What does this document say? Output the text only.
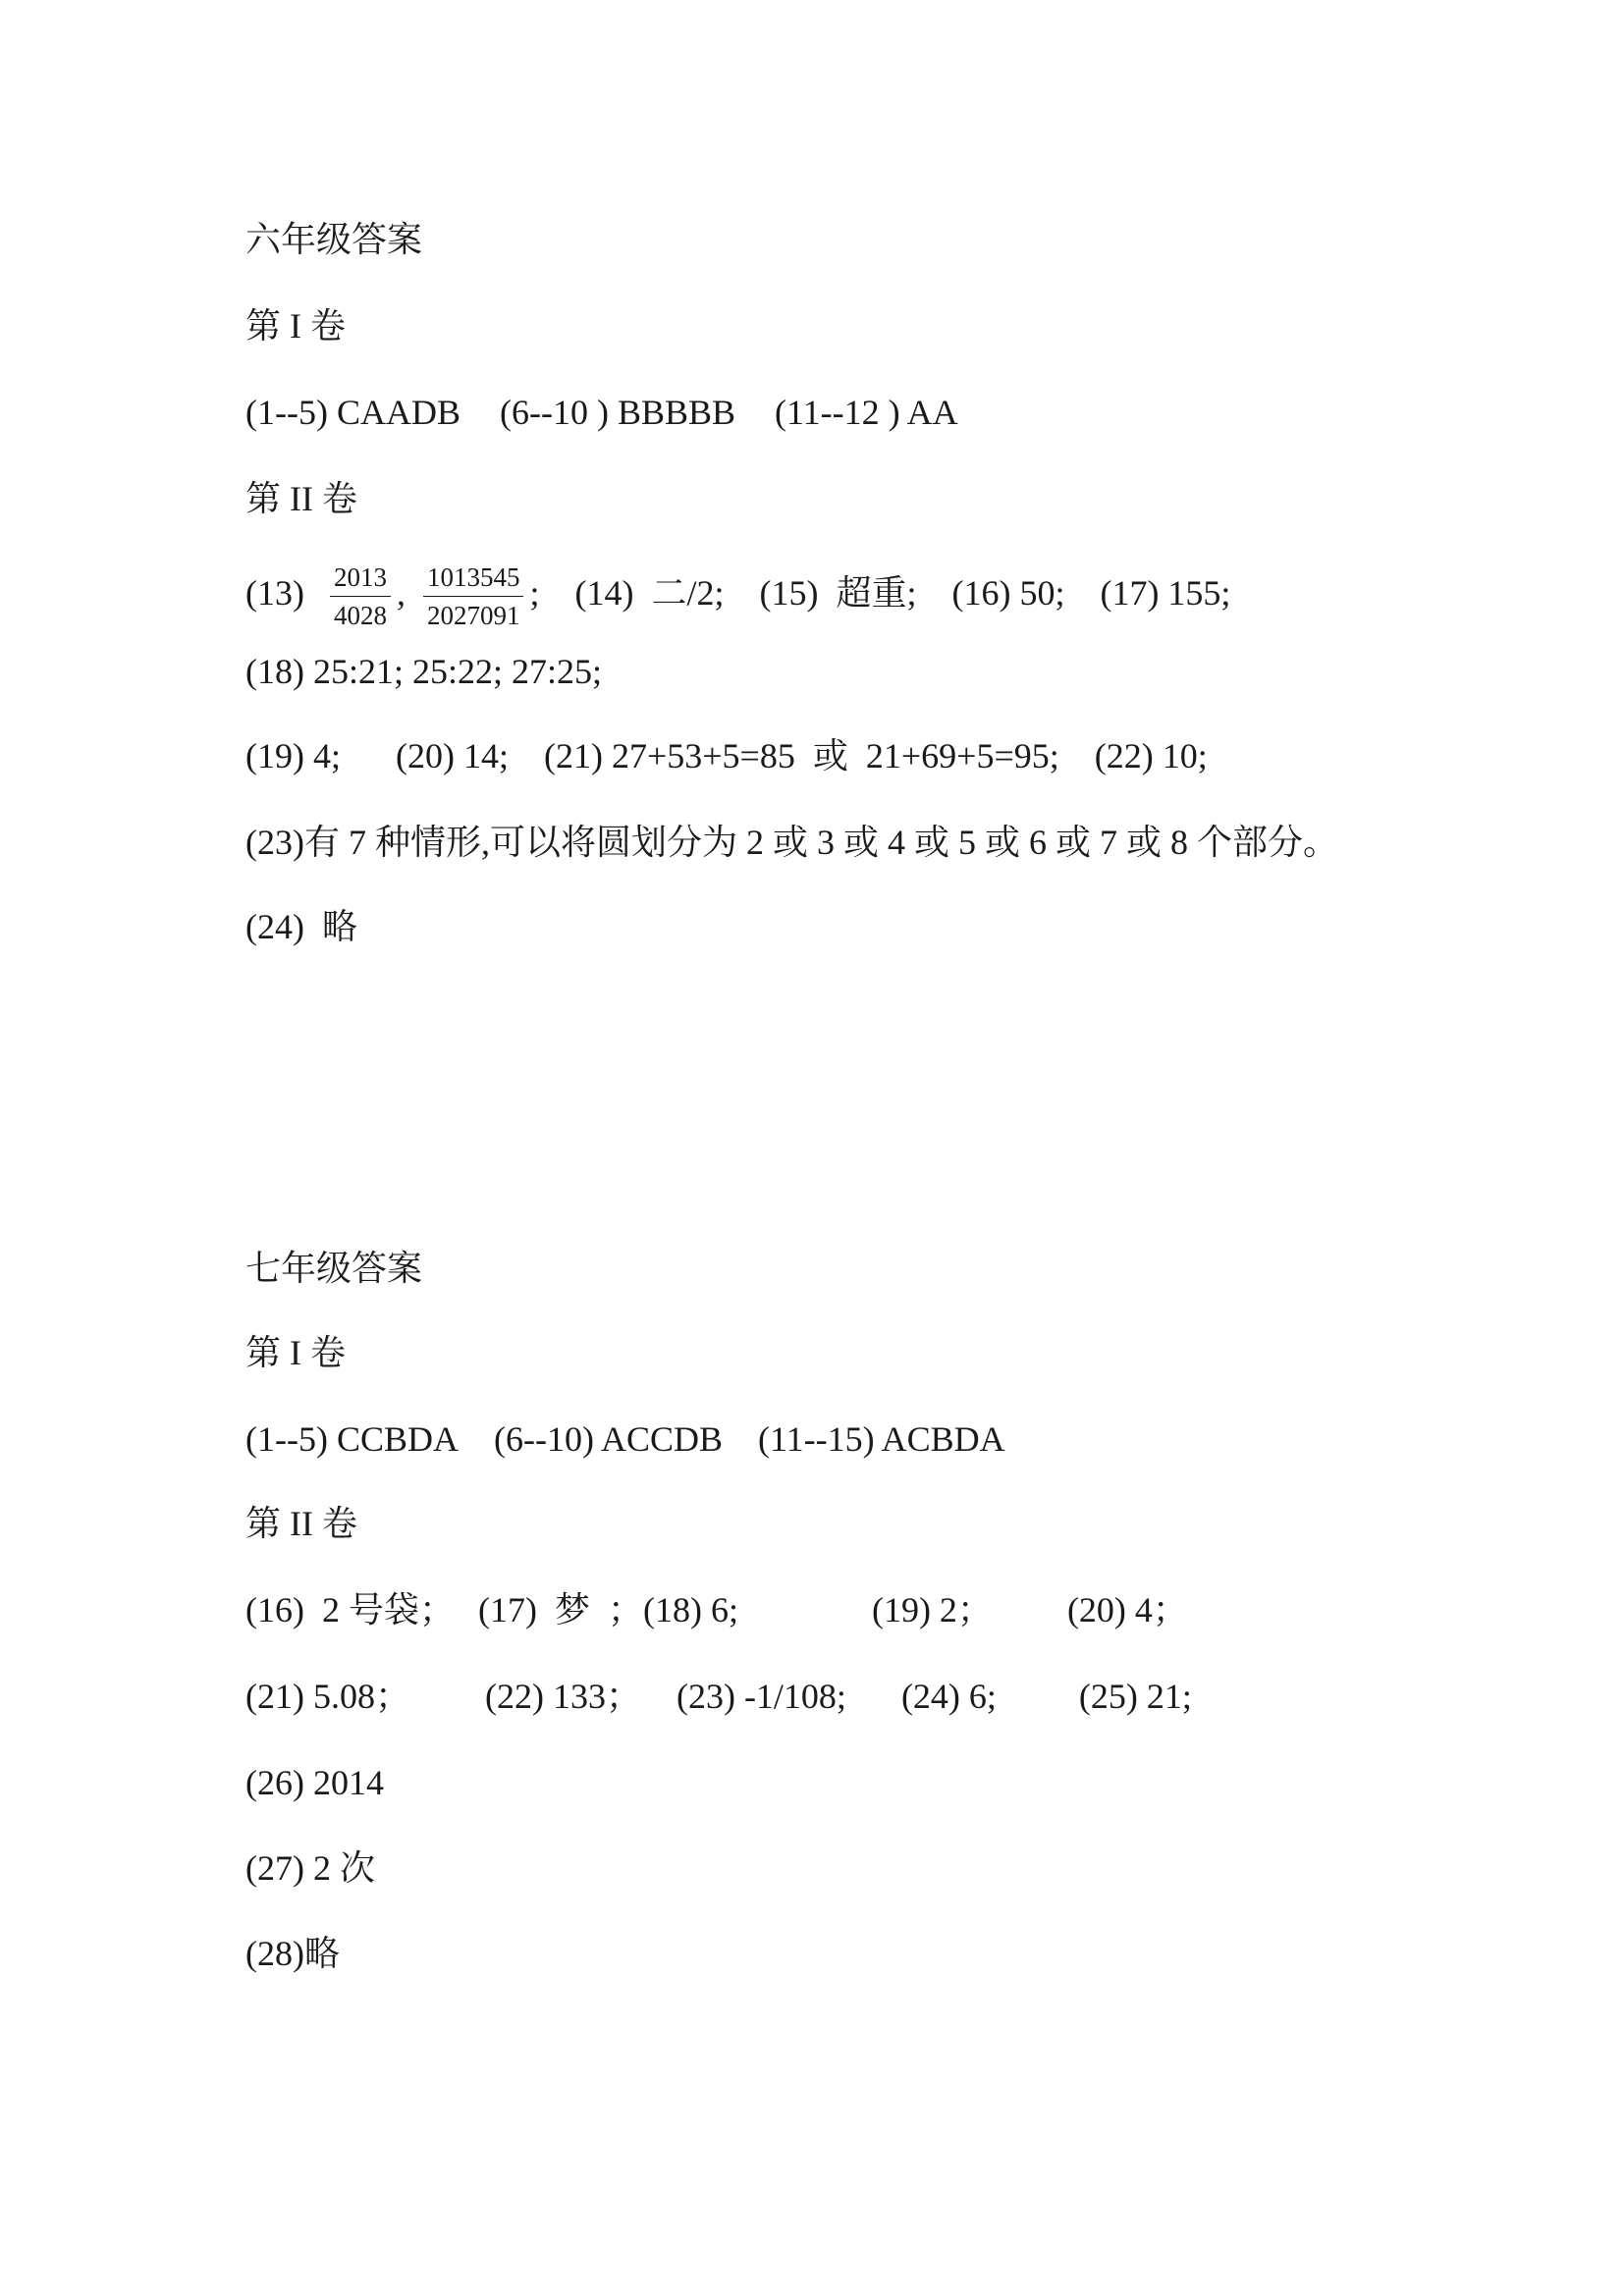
六年级答案
第 I 卷
(1--5) CAADB (6--10 ) BBBBB (11--12 ) AA
第 II 卷
$(13) \frac{2013}{4028}$ , $\frac{1013545}{2027091}$ ; (14)  二/2; (15)  超重; (16) 50; (17) 155;
(18) 25:21; 25:22; 27:25;
(19) 4; (20) 14; (21) 27+53+5=85  或  21+69+5=95; (22) 10;
(23)有 7 种情形,可以将圆划分为 2 或 3 或 4 或 5 或 6 或 7 或 8 个部分。
(24)  略
七年级答案
第 I 卷
(1--5) CCBDA (6--10) ACCDB (11--15) ACBDA
第 II 卷
(16)  2 号袋； (17)  梦  ；(18) 6;	(19) 2； (20) 4；
(21) 5.08； (22) 133； (23) -1/108; (24) 6; (25) 21;
(26) 2014
(27) 2 次
(28)略
